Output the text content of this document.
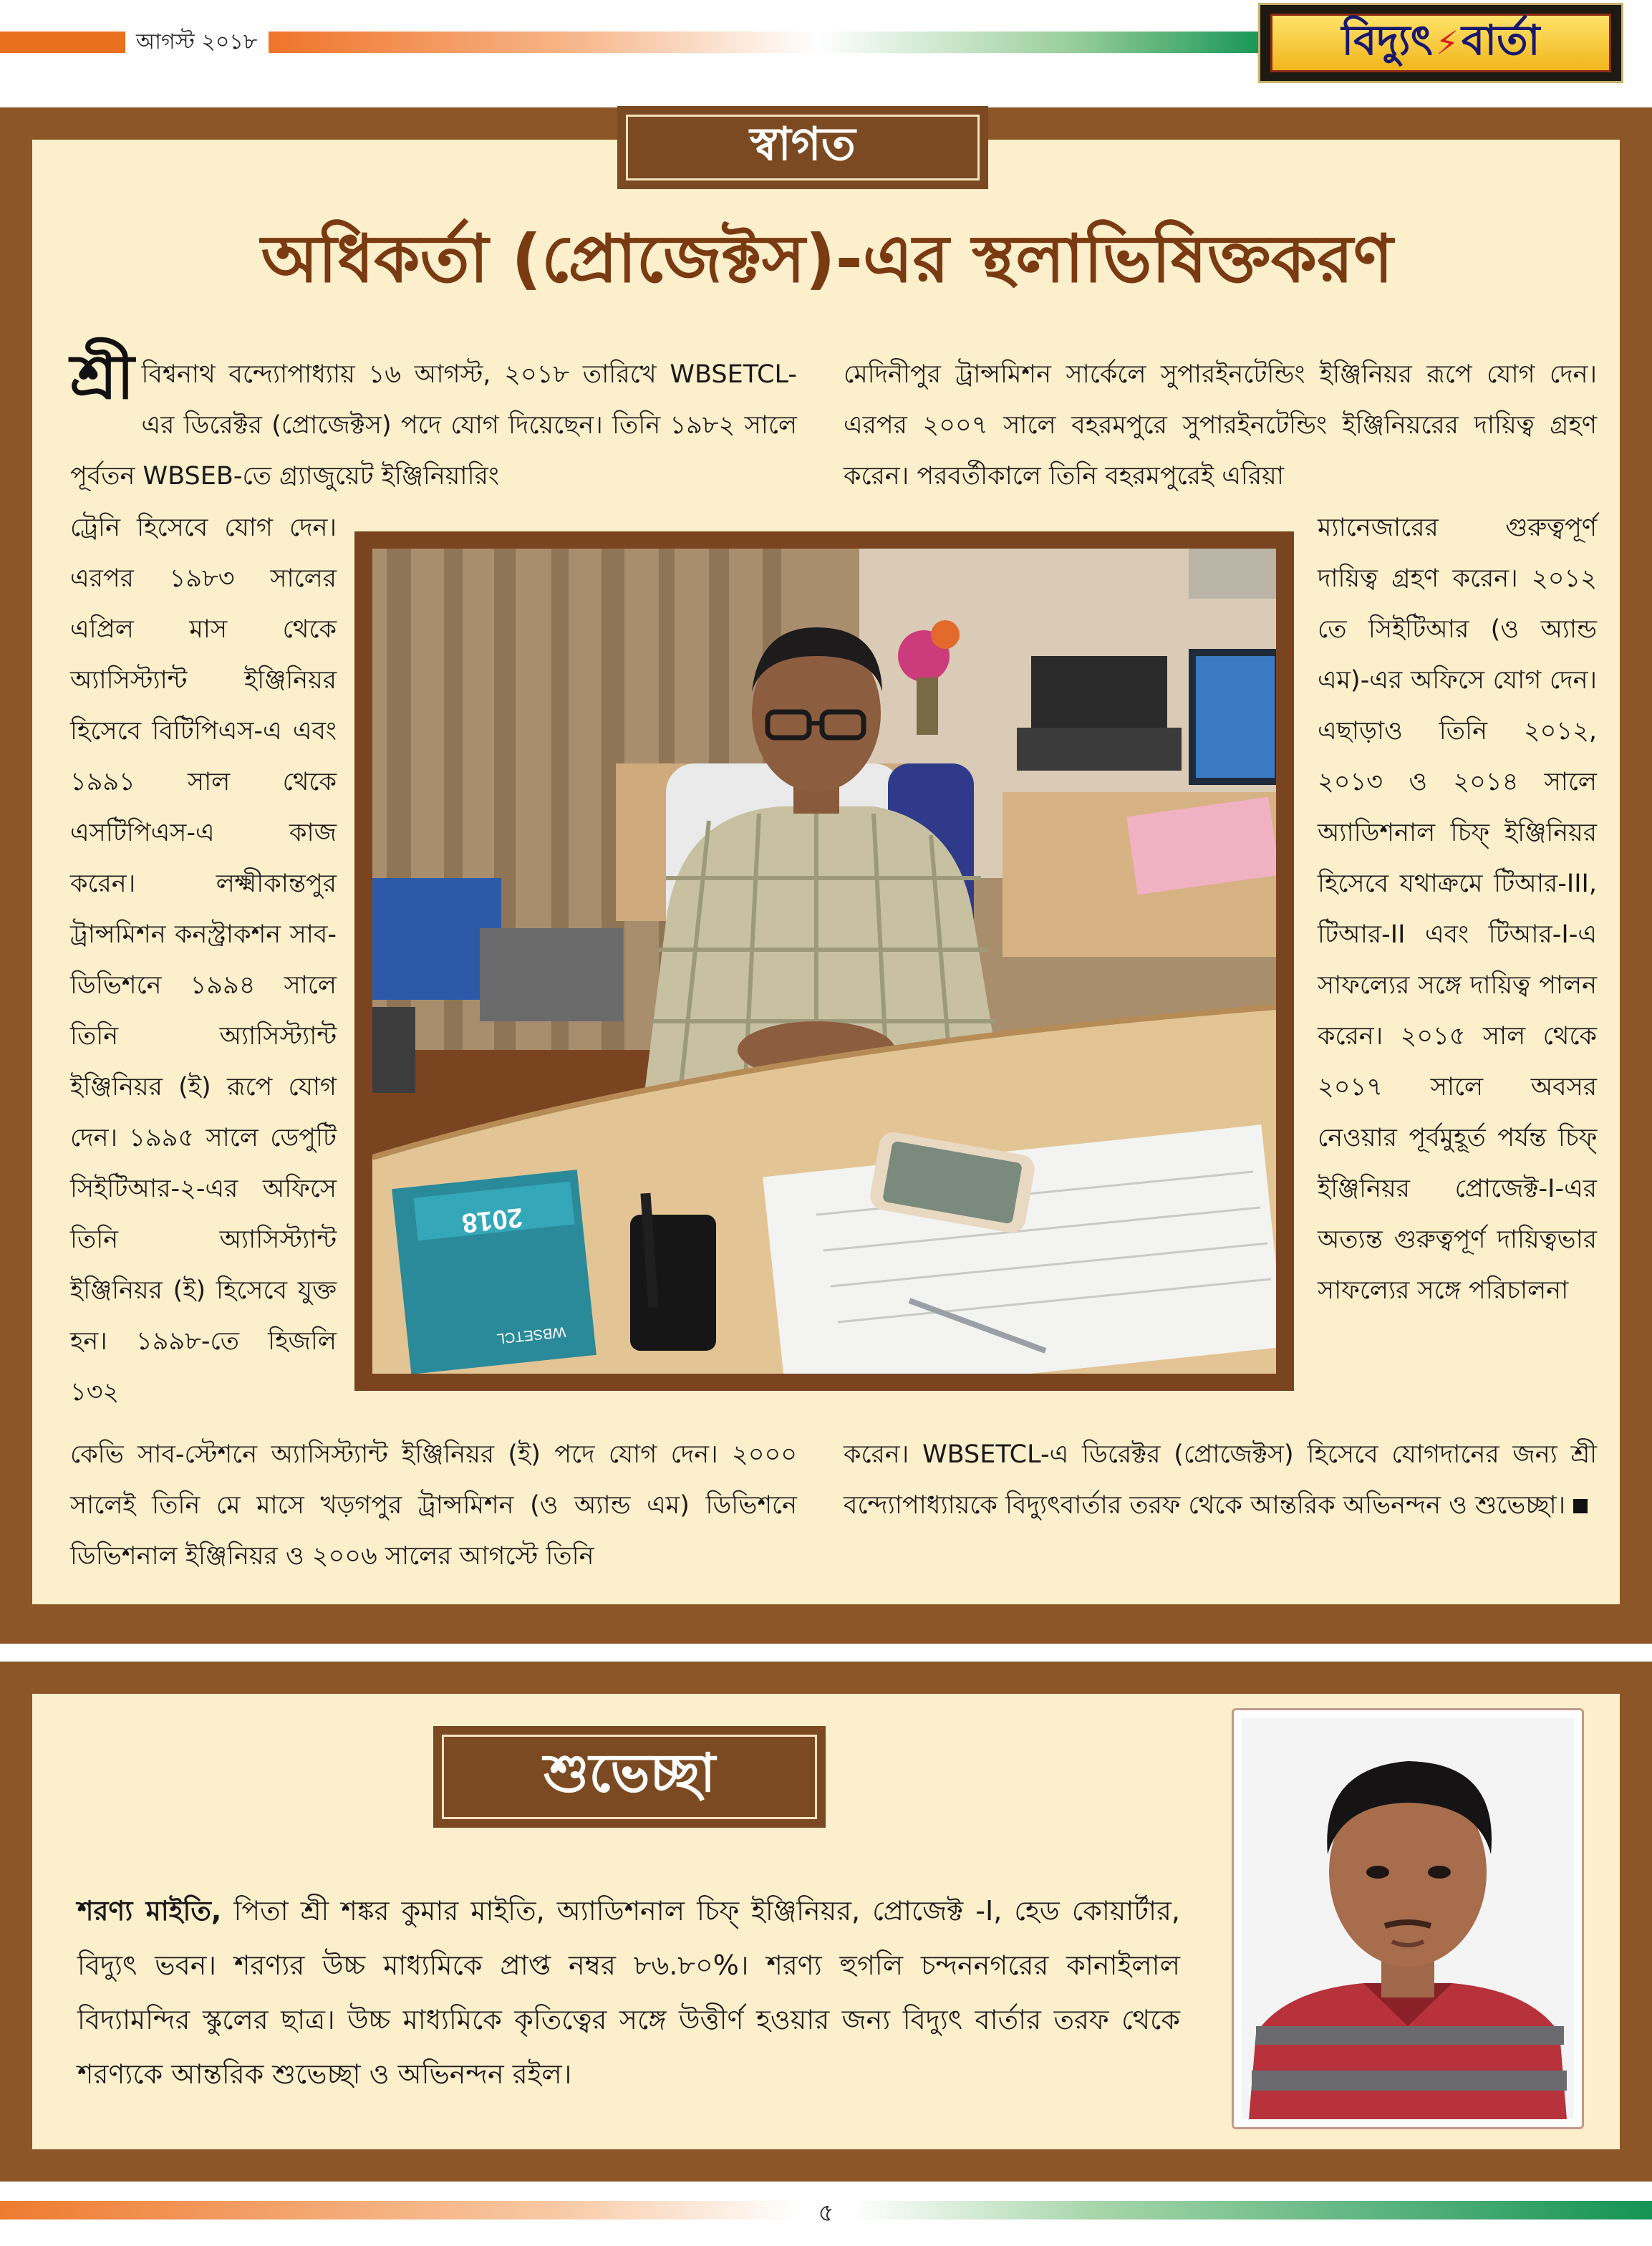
আগস্ট ২০১৮	বিদ্যুৎ ⚡ বার্তা
স্বাগত
অধিকর্তা (প্রোজেক্টস)-এর স্থলাভিষিক্তকরণ

শ্রী বিশ্বনাথ বন্দ্যোপাধ্যায় ১৬ আগস্ট, ২০১৮ তারিখে WBSETCL-এর ডিরেক্টর (প্রোজেক্টস) পদে যোগ দিয়েছেন। তিনি ১৯৮২ সালে পূর্বতন WBSEB-তে গ্র্যাজুয়েট ইঞ্জিনিয়ারিং

ট্রেনি হিসেবে যোগ দেন। এরপর ১৯৮৩ সালের এপ্রিল মাস থেকে অ্যাসিস্ট্যান্ট ইঞ্জিনিয়র হিসেবে বিটিপিএস-এ এবং ১৯৯১ সাল থেকে এসটিপিএস-এ কাজ করেন। লক্ষ্মীকান্তপুর ট্রান্সমিশন কনস্ট্রাকশন সাব-ডিভিশনে ১৯৯৪ সালে তিনি অ্যাসিস্ট্যান্ট ইঞ্জিনিয়র (ই) রূপে যোগ দেন। ১৯৯৫ সালে ডেপুটি সিইটিআর-২-এর অফিসে তিনি অ্যাসিস্ট্যান্ট ইঞ্জিনিয়র (ই) হিসেবে যুক্ত হন। ১৯৯৮-তে হিজলি ১৩২

কেভি সাব-স্টেশনে অ্যাসিস্ট্যান্ট ইঞ্জিনিয়র (ই) পদে যোগ দেন। ২০০০ সালেই তিনি মে মাসে খড়গপুর ট্রান্সমিশন (ও অ্যান্ড এম) ডিভিশনে ডিভিশনাল ইঞ্জিনিয়র ও ২০০৬ সালের আগস্টে তিনি

মেদিনীপুর ট্রান্সমিশন সার্কেলে সুপারইনটেন্ডিং ইঞ্জিনিয়র রূপে যোগ দেন। এরপর ২০০৭ সালে বহরমপুরে সুপারইনটেন্ডিং ইঞ্জিনিয়রের দায়িত্ব গ্রহণ করেন। পরবর্তীকালে তিনি বহরমপুরেই এরিয়া

ম্যানেজারের গুরুত্বপূর্ণ দায়িত্ব গ্রহণ করেন। ২০১২ তে সিইটিআর (ও অ্যান্ড এম)-এর অফিসে যোগ দেন। এছাড়াও তিনি ২০১২, ২০১৩ ও ২০১৪ সালে অ্যাডিশনাল চিফ্ ইঞ্জিনিয়র হিসেবে যথাক্রমে টিআর-III, টিআর-II এবং টিআর-I-এ সাফল্যের সঙ্গে দায়িত্ব পালন করেন। ২০১৫ সাল থেকে ২০১৭ সালে অবসর নেওয়ার পূর্বমুহূর্ত পর্যন্ত চিফ্ ইঞ্জিনিয়র প্রোজেক্ট-I-এর অত্যন্ত গুরুত্বপূর্ণ দায়িত্বভার সাফল্যের সঙ্গে পরিচালনা

করেন। WBSETCL-এ ডিরেক্টর (প্রোজেক্টস) হিসেবে যোগদানের জন্য শ্রী বন্দ্যোপাধ্যায়কে বিদ্যুৎবার্তার তরফ থেকে আন্তরিক অভিনন্দন ও শুভেচ্ছা।

2018
WBSETCL
শুভেচ্ছা
শরণ্য মাইতি, পিতা শ্রী শঙ্কর কুমার মাইতি, অ্যাডিশনাল চিফ্ ইঞ্জিনিয়র, প্রোজেক্ট -I, হেড কোয়ার্টার, বিদ্যুৎ ভবন। শরণ্যর উচ্চ মাধ্যমিকে প্রাপ্ত নম্বর ৮৬.৮০%। শরণ্য হুগলি চন্দননগরের কানাইলাল বিদ্যামন্দির স্কুলের ছাত্র। উচ্চ মাধ্যমিকে কৃতিত্বের সঙ্গে উত্তীর্ণ হওয়ার জন্য বিদ্যুৎ বার্তার তরফ থেকে শরণ্যকে আন্তরিক শুভেচ্ছা ও অভিনন্দন রইল।
৫
